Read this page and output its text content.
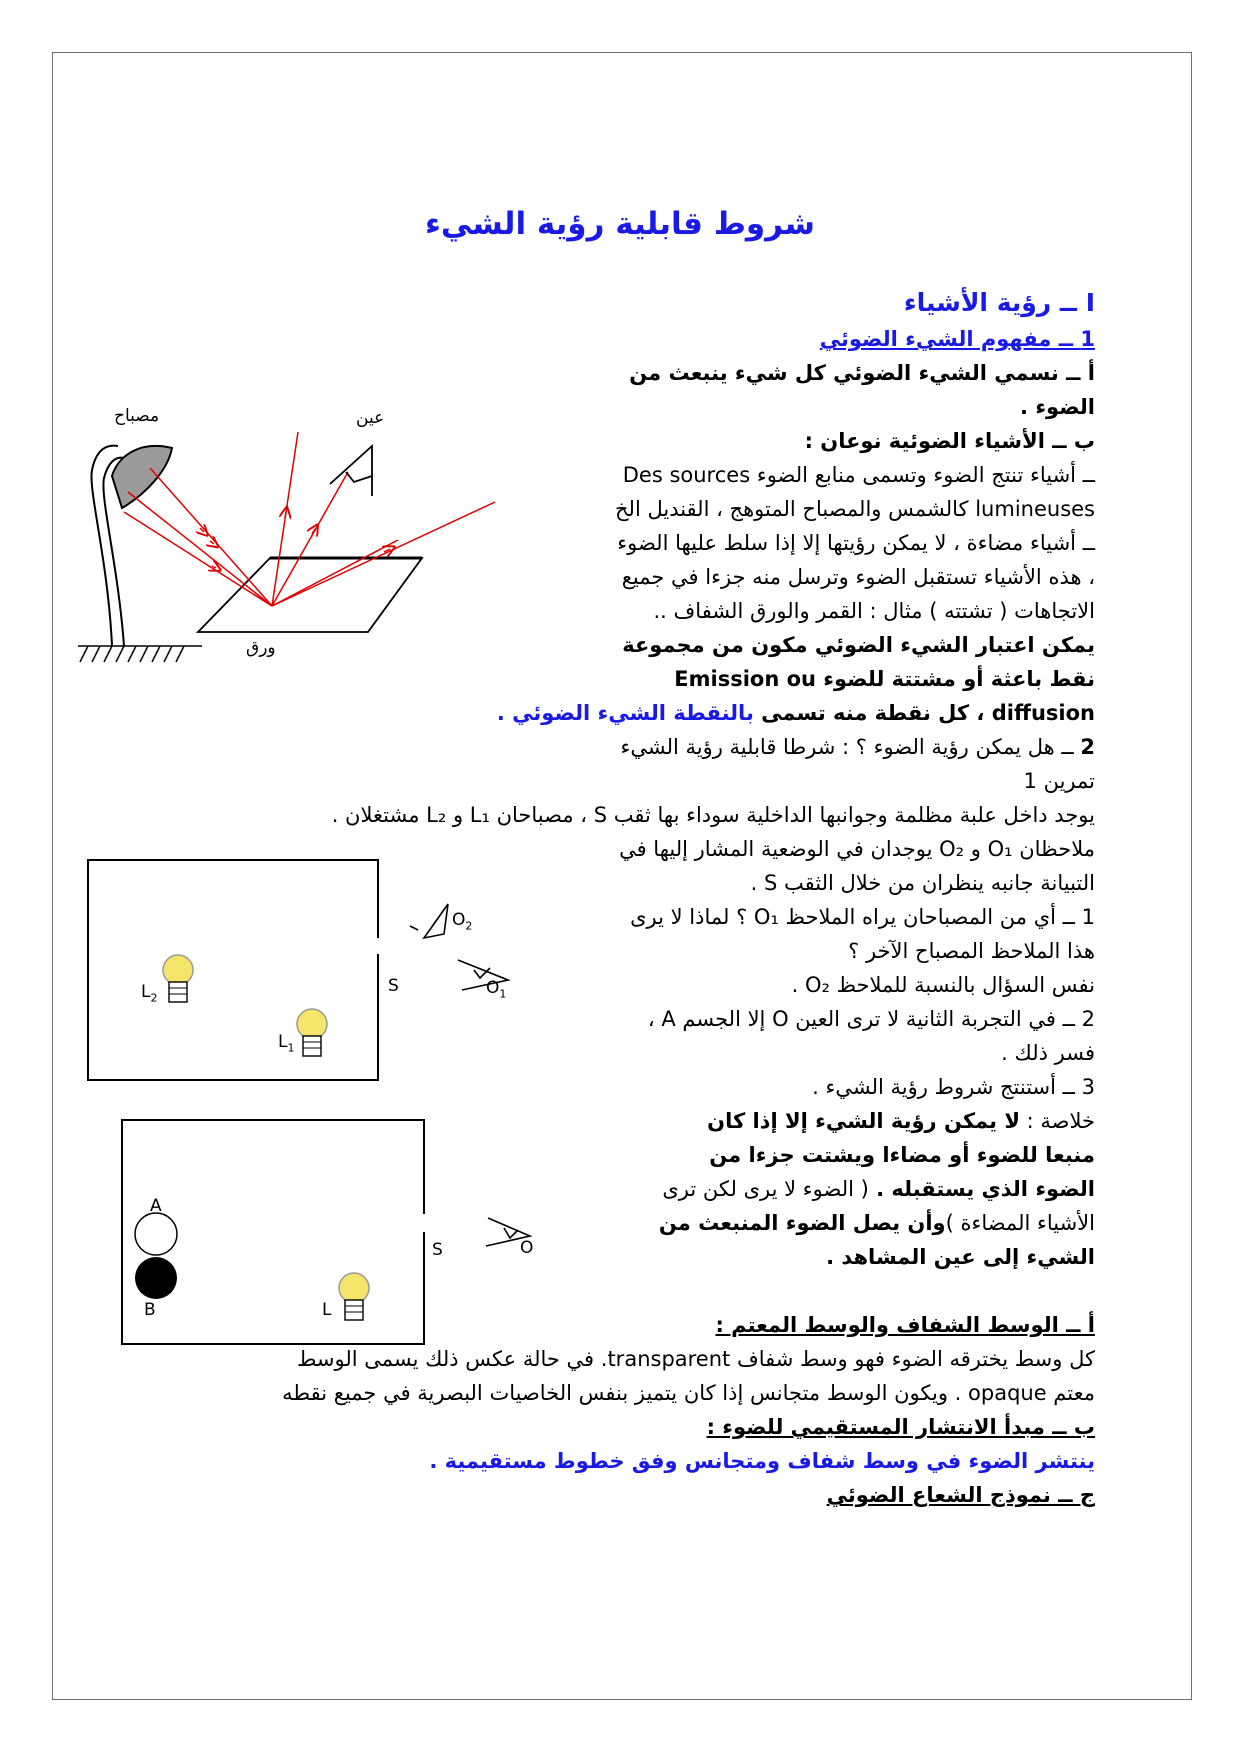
شروط قابلية رؤية الشيء
I ــ رؤية الأشياء
1 ــ مفهوم الشيء الضوئي
أ ــ نسمي الشيء الضوئي كل شيء ينبعث من
الضوء .
ب ــ الأشياء الضوئية نوعان :
ــ أشياء تنتج الضوء وتسمى منابع الضوء Des sources
lumineuses كالشمس والمصباح المتوهج ، القنديل الخ
ــ أشياء مضاءة ، لا يمكن رؤيتها إلا إذا سلط عليها الضوء
، هذه الأشياء تستقبل الضوء وترسل منه جزءا في جميع
الاتجاهات ( تشتته ) مثال : القمر والورق الشفاف ..
يمكن اعتبار الشيء الضوئي مكون من مجموعة
نقط باعثة أو مشتتة للضوء Emission ou
diffusion ، كل نقطة منه تسمى بالنقطة الشيء الضوئي .
2 ــ هل يمكن رؤية الضوء ؟ : شرطا قابلية رؤية الشيء
تمرين 1
يوجد داخل علبة مظلمة وجوانبها الداخلية سوداء بها ثقب S ، مصباحان L₁ و L₂ مشتغلان .
ملاحظان O₁ و O₂ يوجدان في الوضعية المشار إليها في
التبيانة جانبه ينظران من خلال الثقب S .
1 ــ أي من المصباحان يراه الملاحظ O₁ ؟ لماذا لا يرى
هذا الملاحظ المصباح الآخر ؟
نفس السؤال بالنسبة للملاحظ O₂ .
2 ــ في التجربة الثانية لا ترى العين O إلا الجسم A ،
فسر ذلك .
3 ــ أستنتج شروط رؤية الشيء .
خلاصة : لا يمكن رؤية الشيء إلا إذا كان
منبعا للضوء أو مضاءا ويشتت جزءا من
الضوء الذي يستقبله . ( الضوء لا يرى لكن ترى
الأشياء المضاءة )وأن يصل الضوء المنبعث من
الشيء إلى عين المشاهد .
أ ــ الوسط الشفاف والوسط المعتم :
كل وسط يخترقه الضوء فهو وسط شفاف transparent. في حالة عكس ذلك يسمى الوسط
معتم opaque . ويكون الوسط متجانس إذا كان يتميز بنفس الخاصيات البصرية في جميع نقطه
ب ــ مبدأ الانتشار المستقيمي للضوء :
ينتشر الضوء في وسط شفاف ومتجانس وفق خطوط مستقيمية .
ج ــ نموذج الشعاع الضوئي
مصباح	عين
ورق
$L_2$
$L_1$
S
$O_2$
$O_1$
A
B	L
S	O
